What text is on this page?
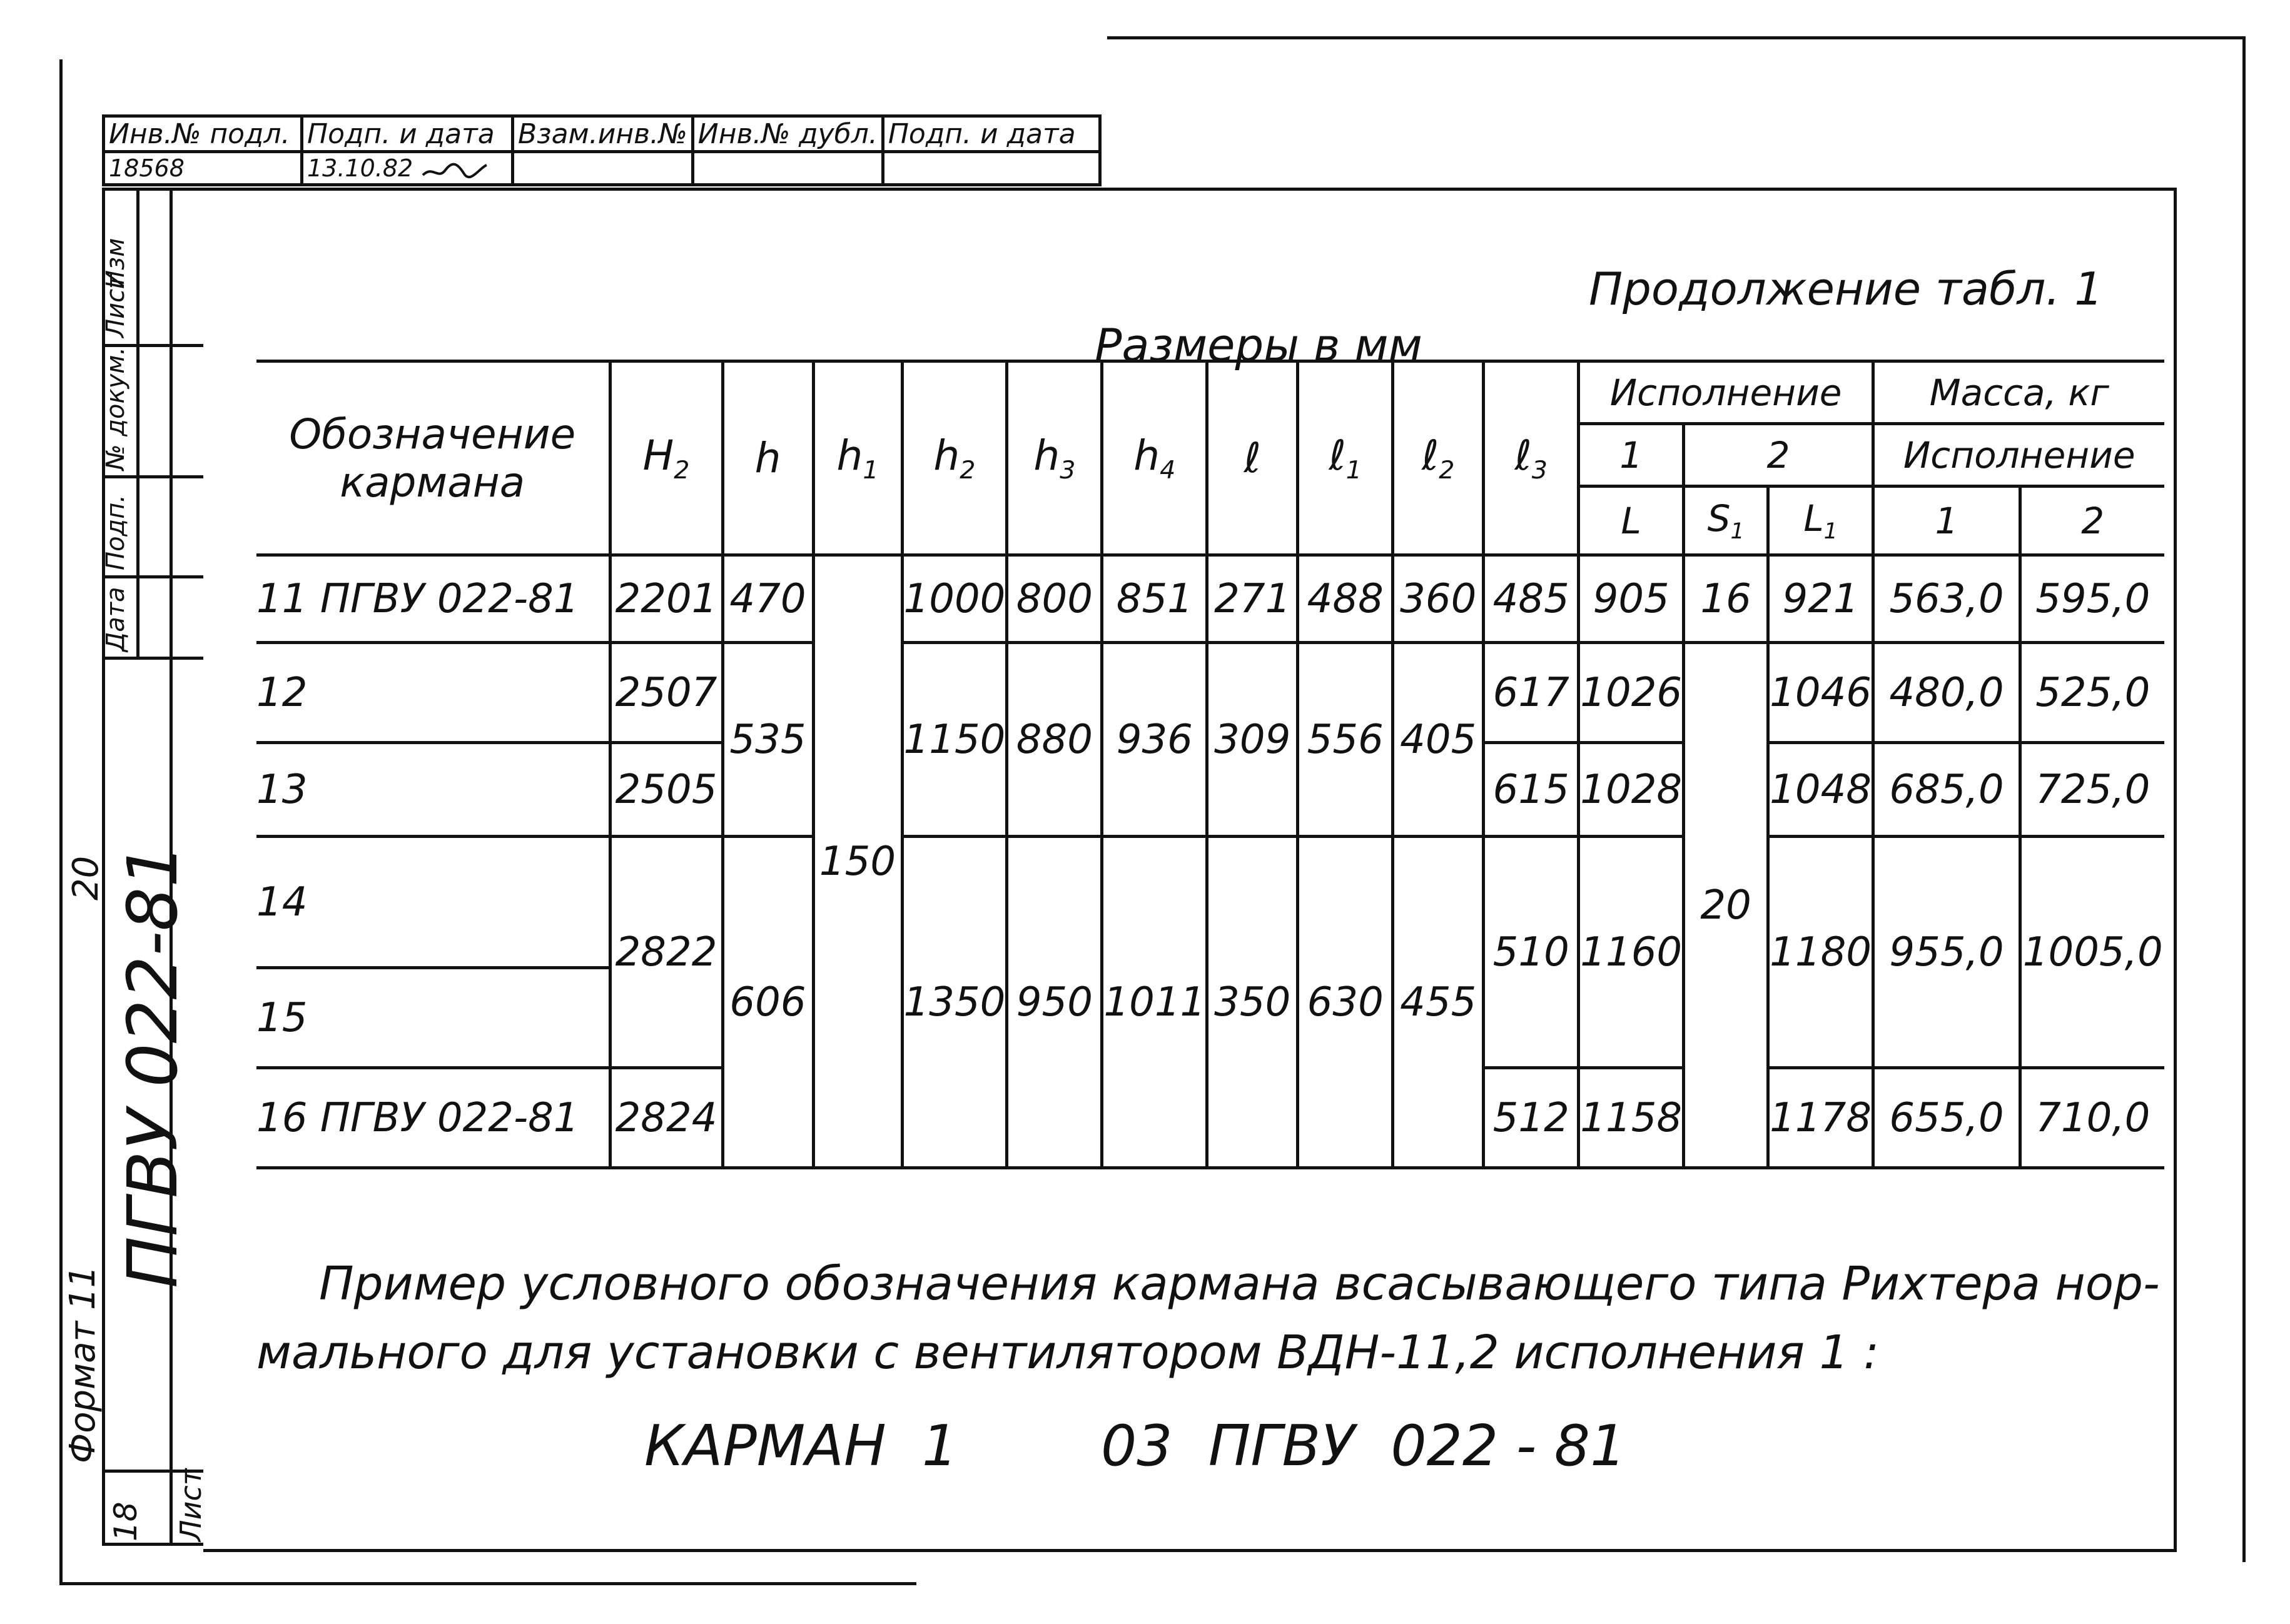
Инв.№ подл.	Подп. и дата	Взам.инв.№	Инв.№ дубл.	Подп. и дата
18568	13.10.82			
Изм
Лист
№ докум.
Подп.
Дата
ПГВУ 022-81
Лист
18
20
Формат 11
Продолжение табл. 1
Размеры в мм
Обозначение кармана	$H_2$	h	$h_1$	$h_2$	$h_3$	$h_4$	ℓ	ℓ$_1$	ℓ$_2$	ℓ$_3$	Исполнение			Масса, кг	
											1	2		Исполнение	
											L	$S_1$	$L_1$	1	2
11 ПГВУ 022-81	2201	470	150	1000	800	851	271	488	360	485	905	16	921	563,0	595,0
12	2507	535		1150	880	936	309	556	405	617	1026	20	1046	480,0	525,0
13	2505									615	1028		1048	685,0	725,0
14	2822	606		1350	950	1011	350	630	455	510	1160		1180	955,0	1005,0
15															
16 ПГВУ 022-81	2824									512	1158		1178	655,0	710,0
Пример условного обозначения кармана всасывающего типа Рихтера нор-
мального для установки с вентилятором ВДН-11,2 исполнения 1 :
КАРМАН  1        03  ПГВУ  022 - 81
